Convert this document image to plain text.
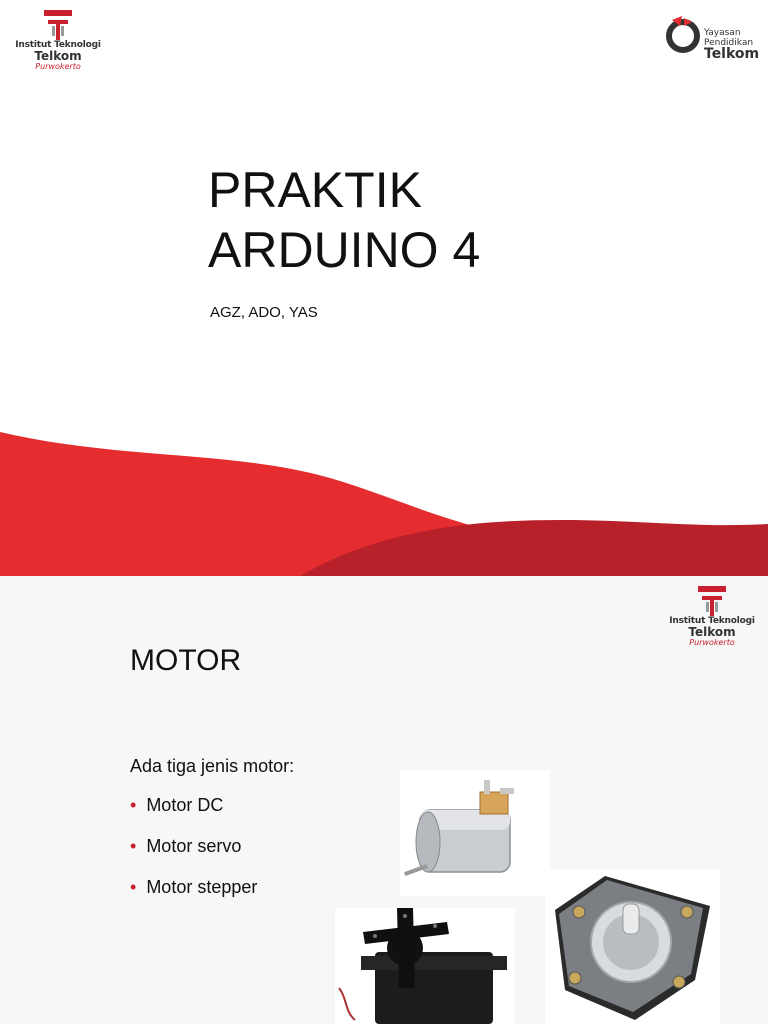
Institut Teknologi
Telkom
Purwokerto
Yayasan
Pendidikan
Telkom
PRAKTIK
ARDUINO 4
AGZ, ADO, YAS
Institut Teknologi
Telkom
Purwokerto
MOTOR
Ada tiga jenis motor:
• Motor DC
• Motor servo
• Motor stepper
